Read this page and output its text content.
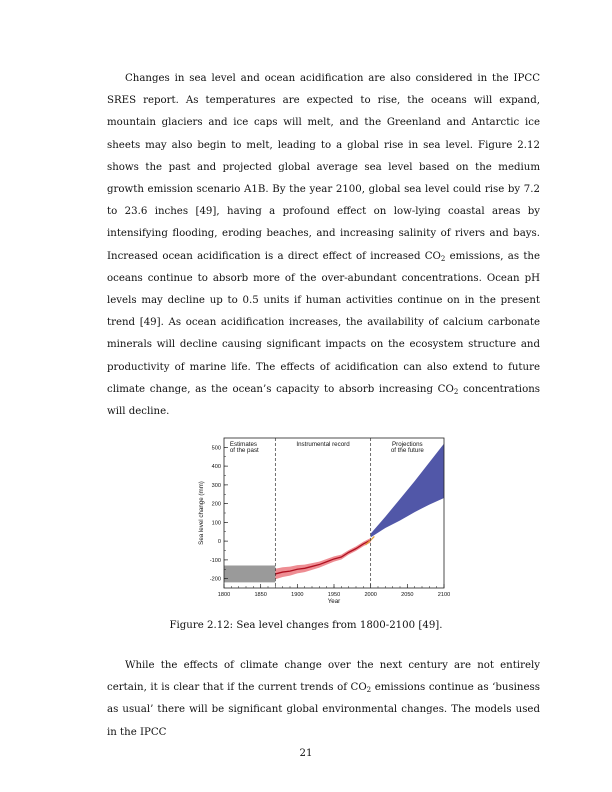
Changes in sea level and ocean acidification are also considered in the IPCC SRES report. As temperatures are expected to rise, the oceans will expand, mountain glaciers and ice caps will melt, and the Greenland and Antarctic ice sheets may also begin to melt, leading to a global rise in sea level. Figure 2.12 shows the past and projected global average sea level based on the medium growth emission scenario A1B. By the year 2100, global sea level could rise by 7.2 to 23.6 inches [49], having a profound effect on low-lying coastal areas by intensifying flooding, eroding beaches, and increasing salinity of rivers and bays. Increased ocean acidification is a direct effect of increased $CO_2$ emissions, as the oceans continue to absorb more of the over-abundant concentrations. Ocean pH levels may decline up to 0.5 units if human activities continue on in the present trend [49]. As ocean acidification increases, the availability of calcium carbonate minerals will decline causing significant impacts on the ecosystem structure and productivity of marine life. The effects of acidification can also extend to future climate change, as the ocean’s capacity to absorb increasing $CO_2$ concentrations will decline.

500
400
300
200
100
0
-100
-200
1800	1850	1900	1950	2000	2050	2100
Year
Sea level change (mm)
Estimates
of the past
Instrumental record	Projections
of the future

Figure 2.12: Sea level changes from 1800-2100 [49].

While the effects of climate change over the next century are not entirely certain, it is clear that if the current trends of $CO_2$ emissions continue as ‘business as usual’ there will be significant global environmental changes. The models used in the IPCC

21
